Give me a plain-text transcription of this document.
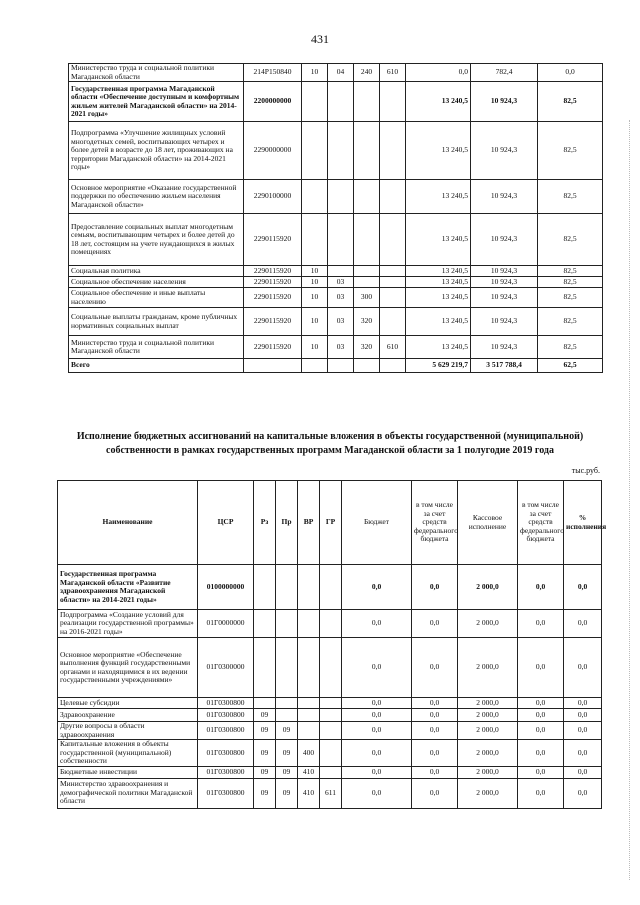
431
Министерство труда и социальной политики Магаданской области	214P150840	10	04	240	610	0,0	782,4	0,0
Государственная программа Магаданской области «Обеспечение доступным и комфортным жильем жителей Магаданской области» на 2014-2021 годы»	2200000000					13 240,5	10 924,3	82,5
Подпрограмма «Улучшение жилищных условий многодетных семей, воспитывающих четырех и более детей в возрасте до 18 лет, проживающих на территории Магаданской области» на 2014-2021 годы»	2290000000					13 240,5	10 924,3	82,5
Основное мероприятие «Оказание государственной поддержки по обеспечению жильем населения Магаданской области»	2290100000					13 240,5	10 924,3	82,5
Предоставление социальных выплат многодетным семьям, воспитывающим четырех и более детей до 18 лет, состоящим на учете нуждающихся в жилых помещениях	2290115920					13 240,5	10 924,3	82,5
Социальная политика	2290115920	10				13 240,5	10 924,3	82,5
Социальное обеспечение населения	2290115920	10	03			13 240,5	10 924,3	82,5
Социальное обеспечение и иные выплаты населению	2290115920	10	03	300		13 240,5	10 924,3	82,5
Социальные выплаты гражданам, кроме публичных нормативных социальных выплат	2290115920	10	03	320		13 240,5	10 924,3	82,5
Министерство труда и социальной политики Магаданской области	2290115920	10	03	320	610	13 240,5	10 924,3	82,5
Всего						5 629 219,7	3 517 788,4	62,5
Исполнение бюджетных ассигнований на капитальные вложения в объекты государственной (муниципальной) собственности в рамках государственных программ Магаданской области за 1 полугодие 2019 года
тыс.руб.
Наименование	ЦСР	Рз	Пр	ВР	ГР	Бюджет	в том числе за счет средств федерального бюджета	Кассовое исполнение	в том числе за счет средств федерального бюджета	% исполнения
Государственная программа Магаданской области «Развитие здравоохранения Магаданской области» на 2014-2021 годы»	0100000000					0,0	0,0	2 000,0	0,0	0,0
Подпрограмма «Создание условий для реализации государственной программы» на 2016-2021 годы»	01Г0000000					0,0	0,0	2 000,0	0,0	0,0
Основное мероприятие «Обеспечение выполнения функций государственными органами и находящимися в их ведении государственными учреждениями»	01Г0300000					0,0	0,0	2 000,0	0,0	0,0
Целевые субсидии	01Г0300800					0,0	0,0	2 000,0	0,0	0,0
Здравоохранение	01Г0300800	09				0,0	0,0	2 000,0	0,0	0,0
Другие вопросы в области здравоохранения	01Г0300800	09	09			0,0	0,0	2 000,0	0,0	0,0
Капитальные вложения в объекты государственной (муниципальной) собственности	01Г0300800	09	09	400		0,0	0,0	2 000,0	0,0	0,0
Бюджетные инвестиции	01Г0300800	09	09	410		0,0	0,0	2 000,0	0,0	0,0
Министерство здравоохранения и демографической политики Магаданской области	01Г0300800	09	09	410	611	0,0	0,0	2 000,0	0,0	0,0
